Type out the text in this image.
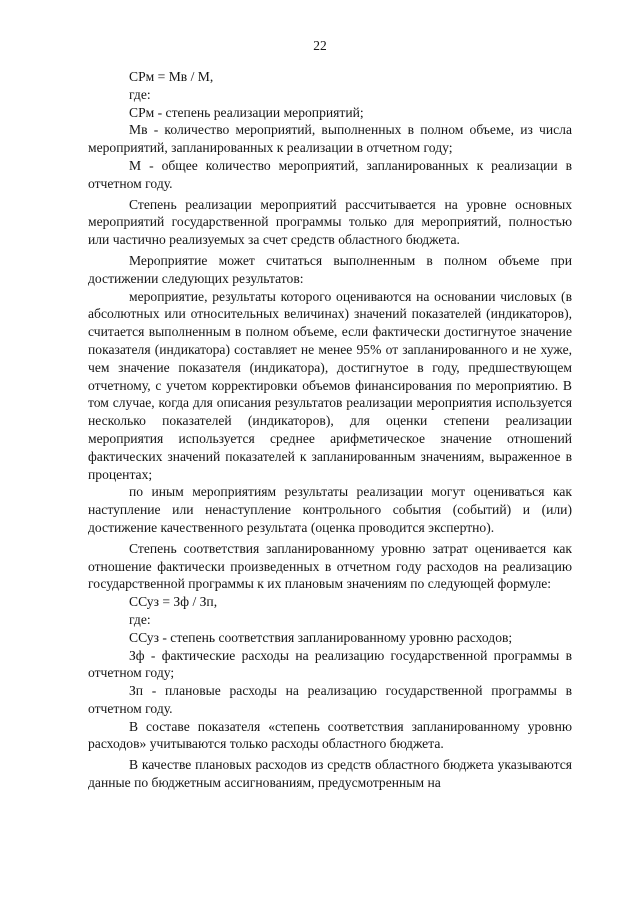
22

СРм = Мв / М,

где:

СРм - степень реализации мероприятий;

Мв - количество мероприятий, выполненных в полном объеме, из числа мероприятий, запланированных к реализации в отчетном году;

М - общее количество мероприятий, запланированных к реализации в отчетном году.

Степень реализации мероприятий рассчитывается на уровне основных мероприятий государственной программы только для мероприятий, полностью или частично реализуемых за счет средств областного бюджета.

Мероприятие может считаться выполненным в полном объеме при достижении следующих результатов:

мероприятие, результаты которого оцениваются на основании числовых (в абсолютных или относительных величинах) значений показателей (индикаторов), считается выполненным в полном объеме, если фактически достигнутое значение показателя (индикатора) составляет не менее 95% от запланированного и не хуже, чем значение показателя (индикатора), достигнутое в году, предшествующем отчетному, с учетом корректировки объемов финансирования по мероприятию. В том случае, когда для описания результатов реализации мероприятия используется несколько показателей (индикаторов), для оценки степени реализации мероприятия используется среднее арифметическое значение отношений фактических значений показателей к запланированным значениям, выраженное в процентах;

по иным мероприятиям результаты реализации могут оцениваться как наступление или ненаступление контрольного события (событий) и (или) достижение качественного результата (оценка проводится экспертно).

Степень соответствия запланированному уровню затрат оценивается как отношение фактически произведенных в отчетном году расходов на реализацию государственной программы к их плановым значениям по следующей формуле:

ССуз = Зф / Зп,

где:

ССуз - степень соответствия запланированному уровню расходов;

Зф - фактические расходы на реализацию государственной программы в отчетном году;

Зп - плановые расходы на реализацию государственной программы в отчетном году.

В составе показателя «степень соответствия запланированному уровню расходов» учитываются только расходы областного бюджета.

В качестве плановых расходов из средств областного бюджета указываются данные по бюджетным ассигнованиям, предусмотренным на
